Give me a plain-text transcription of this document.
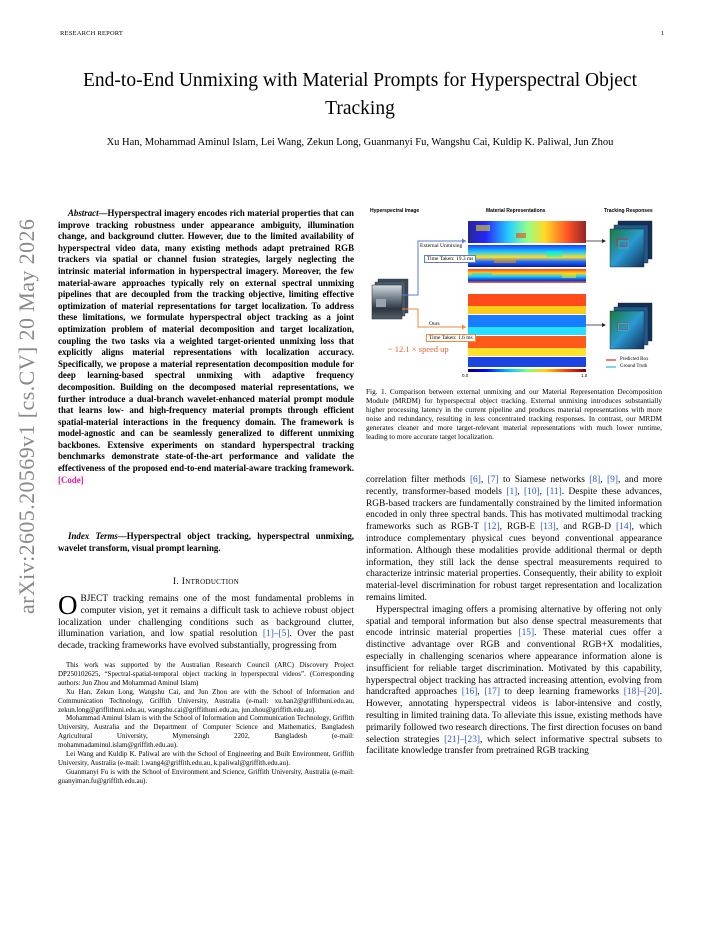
RESEARCH REPORT	1
End-to-End Unmixing with Material Prompts for Hyperspectral Object Tracking
Xu Han, Mohammad Aminul Islam, Lei Wang, Zekun Long, Guanmanyi Fu, Wangshu Cai, Kuldip K. Paliwal, Jun Zhou
arXiv:2605.20569v1 [cs.CV] 20 May 2026
Abstract—Hyperspectral imagery encodes rich material properties that can improve tracking robustness under appearance ambiguity, illumination change, and background clutter. However, due to the limited availability of hyperspectral video data, many existing methods adapt pretrained RGB trackers via spatial or channel fusion strategies, largely neglecting the intrinsic material information in hyperspectral imagery. Moreover, the few material-aware approaches typically rely on external spectral unmixing pipelines that are decoupled from the tracking objective, limiting effective optimization of material representations for target localization. To address these limitations, we formulate hyperspectral object tracking as a joint optimization problem of material decomposition and target localization, coupling the two tasks via a weighted target-oriented unmixing loss that explicitly aligns material representations with localization accuracy. Specifically, we propose a material representation decomposition module for deep learning-based spectral unmixing with adaptive frequency decomposition. Building on the decomposed material representations, we further introduce a dual-branch wavelet-enhanced material prompt module that learns low- and high-frequency material prompts through efficient spatial-material interactions in the frequency domain. The framework is model-agnostic and can be seamlessly generalized to different unmixing backbones. Extensive experiments on standard hyperspectral tracking benchmarks demonstrate state-of-the-art performance and validate the effectiveness of the proposed end-to-end material-aware tracking framework. [Code]
Index Terms—Hyperspectral object tracking, hyperspectral unmixing, wavelet transform, visual prompt learning.
I. Introduction
OBJECT tracking remains one of the most fundamental problems in computer vision, yet it remains a difficult task to achieve robust object localization under challenging conditions such as background clutter, illumination variation, and low spatial resolution [1]–[5]. Over the past decade, tracking frameworks have evolved substantially, progressing from

This work was supported by the Australian Research Council (ARC) Discovery Project DP250102625, “Spectral-spatial-temporal object tracking in hyperspectral videos”. (Corresponding authors: Jun Zhou and Mohammad Aminul Islam)

Xu Han, Zekun Long, Wangshu Cai, and Jun Zhou are with the School of Information and Communication Technology, Griffith University, Australia (e-mail: xu.han2@griffithuni.edu.au, zekun.long@griffithuni.edu.au, wangshu.cai@griffithuni.edu.au, jun.zhou@griffith.edu.au).

Mohammad Aminul Islam is with the School of Information and Communication Technology, Griffith University, Australia and the Department of Computer Science and Mathematics, Bangladesh Agricultural University, Mymensingh 2202, Bangladesh (e-mail: mohammadaminul.islam@griffith.edu.au).

Lei Wang and Kuldip K. Paliwal are with the School of Engineering and Built Environment, Griffith University, Australia (e-mail: l.wang4@griffith.edu.au, k.paliwal@griffith.edu.au).

Guanmanyi Fu is with the School of Environment and Science, Griffith University, Australia (e-mail: guanyiman.fu@griffith.edu.au).

Hyperspectral Image	Material Representations	Tracking Responses
External Unmixing
Time Taken: 19.3 ms
Ours
Time Taken: 1.6 ms
~ 12.1 × speed up
0.0	1.0
Predicted Box
Ground Truth
Fig. 1. Comparison between external unmixing and our Material Representation Decomposition Module (MRDM) for hyperspectral object tracking. External unmixing introduces substantially higher processing latency in the current pipeline and produces material representations with more noise and redundancy, resulting in less concentrated tracking responses. In contrast, our MRDM generates cleaner and more target-relevant material representations with much lower runtime, leading to more accurate target localization.

correlation filter methods [6], [7] to Siamese networks [8], [9], and more recently, transformer-based models [1], [10], [11]. Despite these advances, RGB-based trackers are fundamentally constrained by the limited information encoded in only three spectral bands. This has motivated multimodal tracking frameworks such as RGB-T [12], RGB-E [13], and RGB-D [14], which introduce complementary physical cues beyond conventional appearance information. Although these modalities provide additional thermal or depth information, they still lack the dense spectral measurements required to characterize intrinsic material properties. Consequently, their ability to exploit material-level discrimination for robust target representation and localization remains limited.

Hyperspectral imaging offers a promising alternative by offering not only spatial and temporal information but also dense spectral measurements that encode intrinsic material properties [15]. These material cues offer a distinctive advantage over RGB and conventional RGB+X modalities, especially in challenging scenarios where appearance information alone is insufficient for reliable target discrimination. Motivated by this capability, hyperspectral object tracking has attracted increasing attention, evolving from handcrafted approaches [16], [17] to deep learning frameworks [18]–[20]. However, annotating hyperspectral videos is labor-intensive and costly, resulting in limited training data. To alleviate this issue, existing methods have primarily followed two research directions. The first direction focuses on band selection strategies [21]–[23], which select informative spectral subsets to facilitate knowledge transfer from pretrained RGB tracking
